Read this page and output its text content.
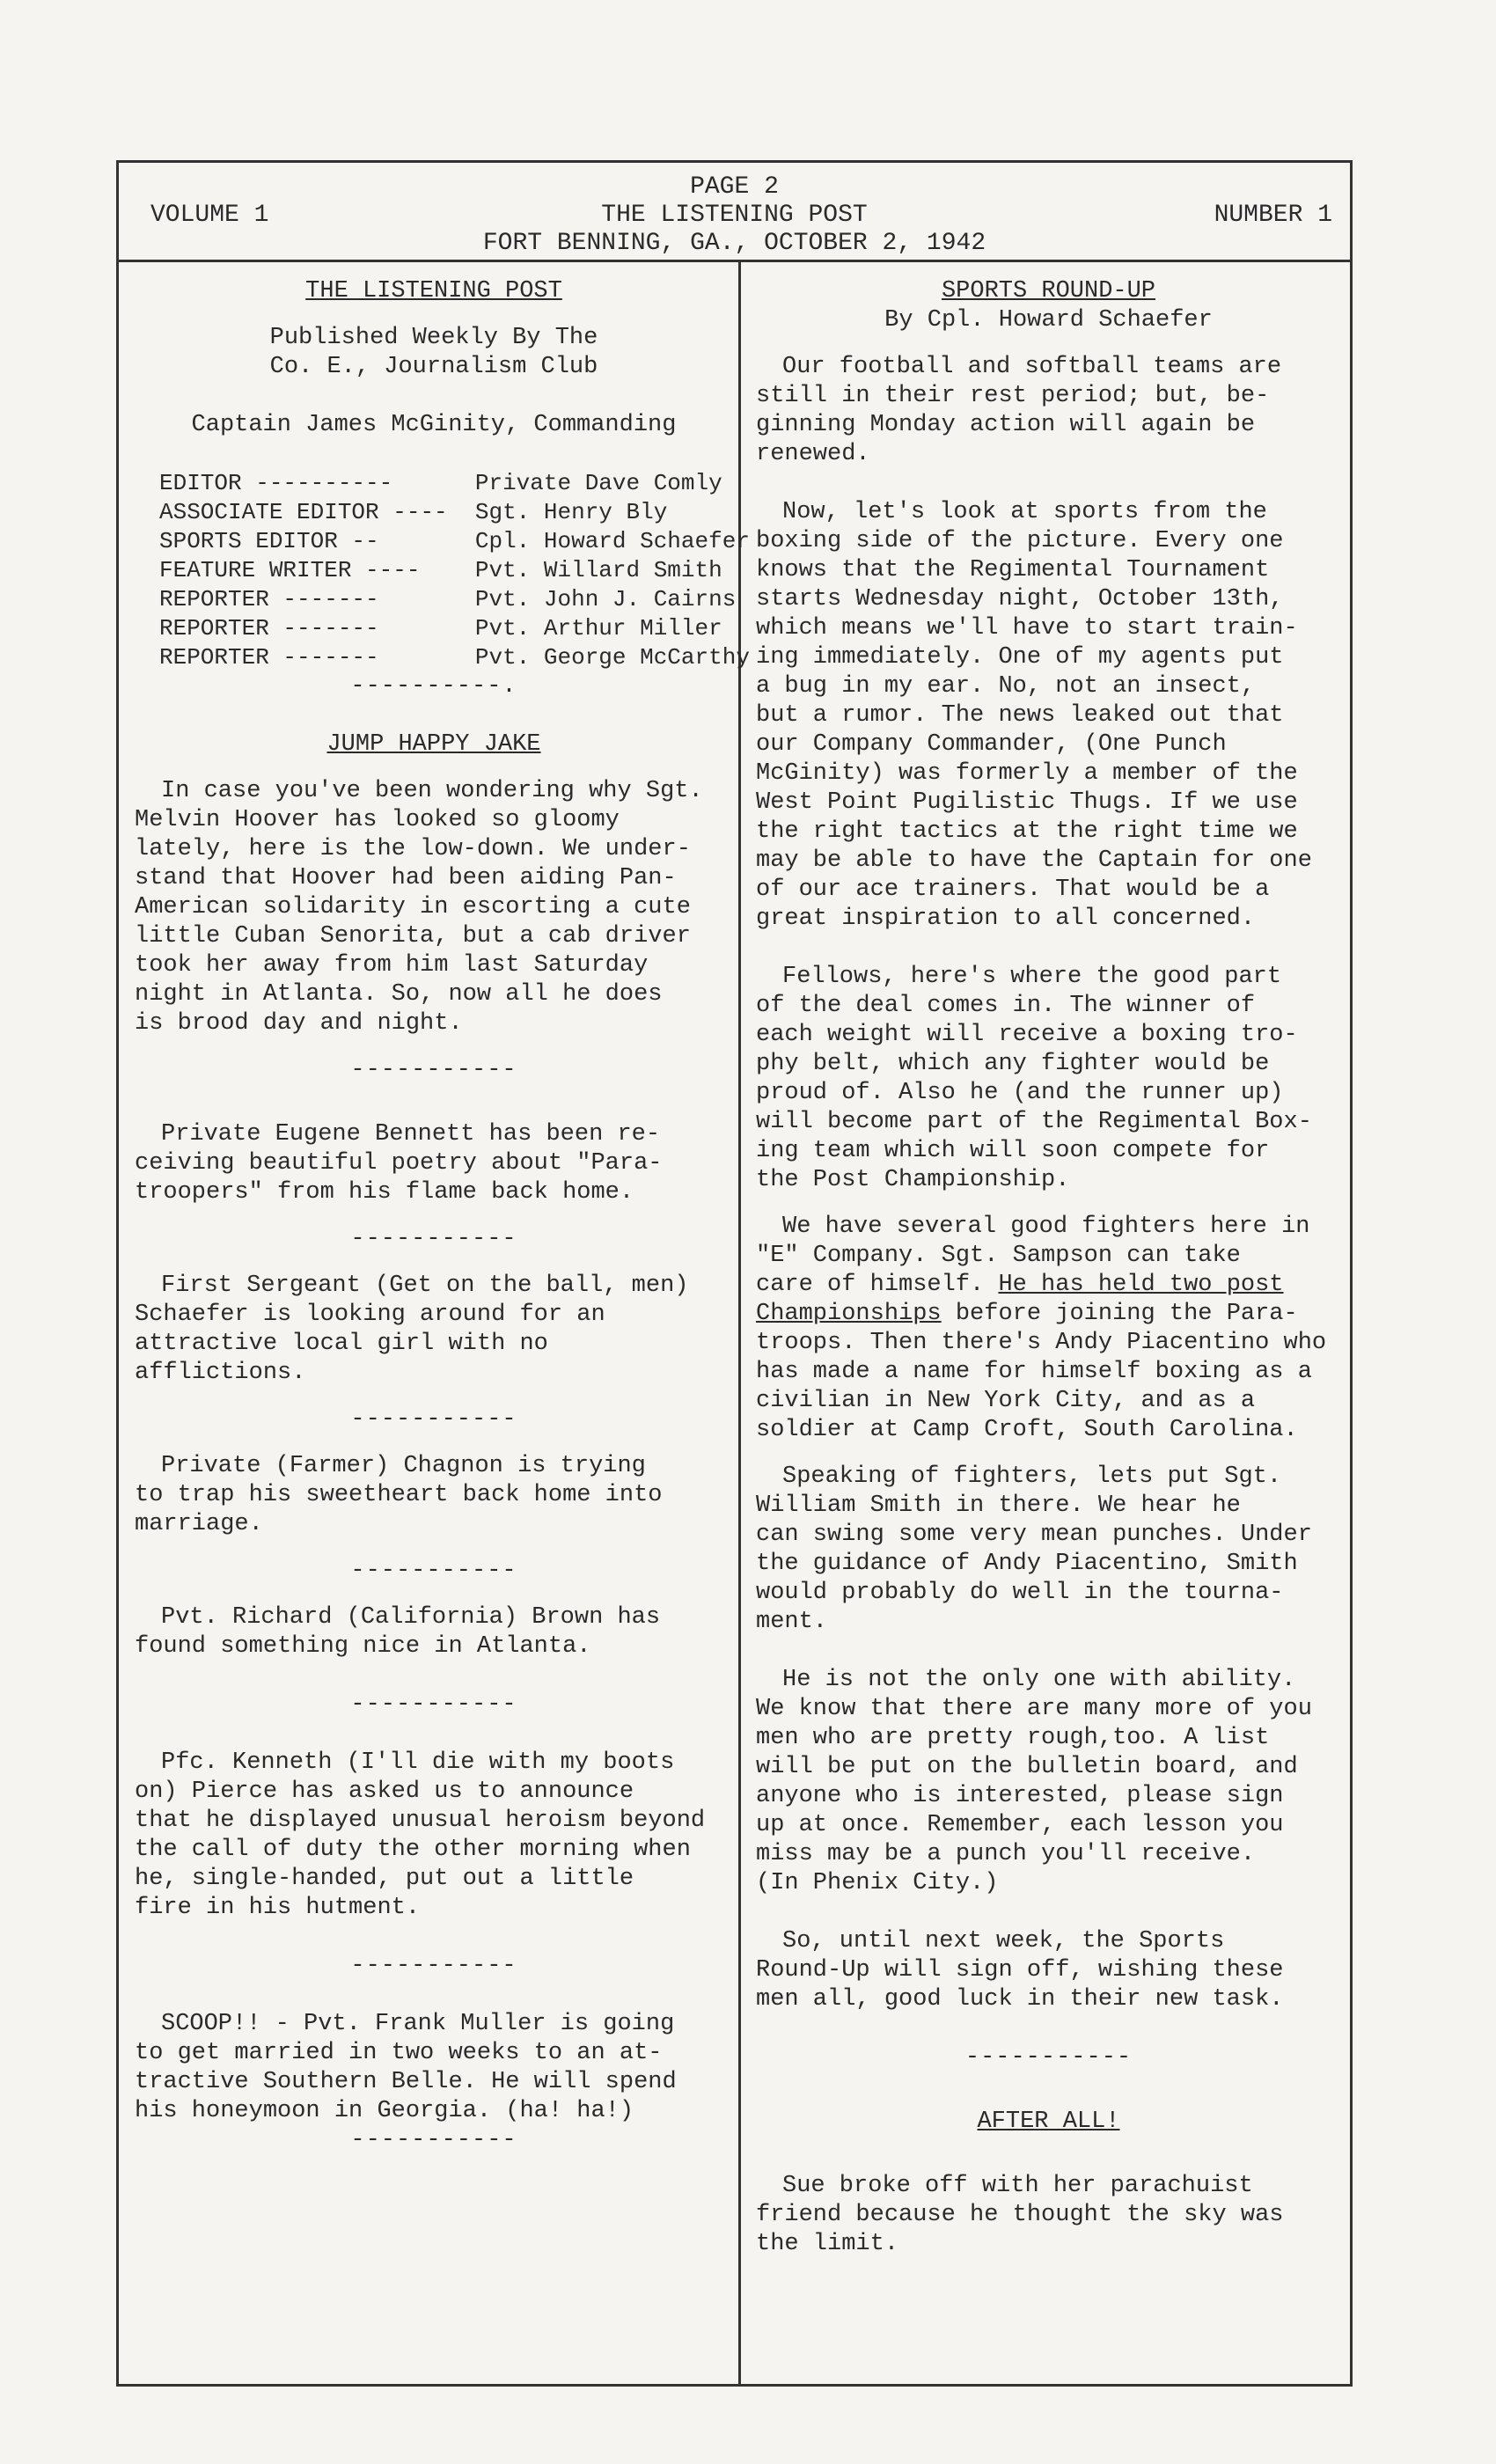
VOLUME 1
PAGE 2
THE LISTENING POST
FORT BENNING, GA., OCTOBER 2, 1942
NUMBER 1

THE LISTENING POST

Published Weekly By The

Co. E., Journalism Club

Captain James McGinity, Commanding

EDITOR ----------		Private Dave Comly
ASSOCIATE EDITOR ----		Sgt. Henry Bly
SPORTS EDITOR --		Cpl. Howard Schaefer
FEATURE WRITER ----		Pvt. Willard Smith
REPORTER -------		Pvt. John J. Cairns
REPORTER -------		Pvt. Arthur Miller
REPORTER -------		Pvt. George McCarthy

----------.

JUMP HAPPY JAKE

In case you've been wondering why Sgt.

Melvin Hoover has looked so gloomy

lately, here is the low-down. We under-

stand that Hoover had been aiding Pan-

American solidarity in escorting a cute

little Cuban Senorita, but a cab driver

took her away from him last Saturday

night in Atlanta. So, now all he does

is brood day and night.

-----------

Private Eugene Bennett has been re-

ceiving beautiful poetry about "Para-

troopers" from his flame back home.

-----------

First Sergeant (Get on the ball, men)

Schaefer is looking around for an

attractive local girl with no afflictions.

-----------

Private (Farmer) Chagnon is trying

to trap his sweetheart back home into

marriage.

-----------

Pvt. Richard (California) Brown has

found something nice in Atlanta.

-----------

Pfc. Kenneth (I'll die with my boots

on) Pierce has asked us to announce

that he displayed unusual heroism beyond

the call of duty the other morning when

he, single-handed, put out a little

fire in his hutment.

-----------

SCOOP!! - Pvt. Frank Muller is going

to get married in two weeks to an at-

tractive Southern Belle. He will spend

his honeymoon in Georgia. (ha! ha!)

-----------

SPORTS ROUND-UP

By Cpl. Howard Schaefer

Our football and softball teams are

still in their rest period; but, be-

ginning Monday action will again be

renewed.

Now, let's look at sports from the

boxing side of the picture. Every one

knows that the Regimental Tournament

starts Wednesday night, October 13th,

which means we'll have to start train-

ing immediately. One of my agents put

a bug in my ear. No, not an insect,

but a rumor. The news leaked out that

our Company Commander, (One Punch

McGinity) was formerly a member of the

West Point Pugilistic Thugs. If we use

the right tactics at the right time we

may be able to have the Captain for one

of our ace trainers. That would be a

great inspiration to all concerned.

Fellows, here's where the good part

of the deal comes in. The winner of

each weight will receive a boxing tro-

phy belt, which any fighter would be

proud of. Also he (and the runner up)

will become part of the Regimental Box-

ing team which will soon compete for

the Post Championship.

We have several good fighters here in

"E" Company. Sgt. Sampson can take

care of himself. He has held two post

Championships before joining the Para-

troops. Then there's Andy Piacentino who

has made a name for himself boxing as a

civilian in New York City, and as a

soldier at Camp Croft, South Carolina.

Speaking of fighters, lets put Sgt.

William Smith in there. We hear he

can swing some very mean punches. Under

the guidance of Andy Piacentino, Smith

would probably do well in the tourna-

ment.

He is not the only one with ability.

We know that there are many more of you

men who are pretty rough,too. A list

will be put on the bulletin board, and

anyone who is interested, please sign

up at once. Remember, each lesson you

miss may be a punch you'll receive.

(In Phenix City.)

So, until next week, the Sports

Round-Up will sign off, wishing these

men all, good luck in their new task.

-----------

AFTER ALL!

Sue broke off with her parachuist

friend because he thought the sky was

the limit.
